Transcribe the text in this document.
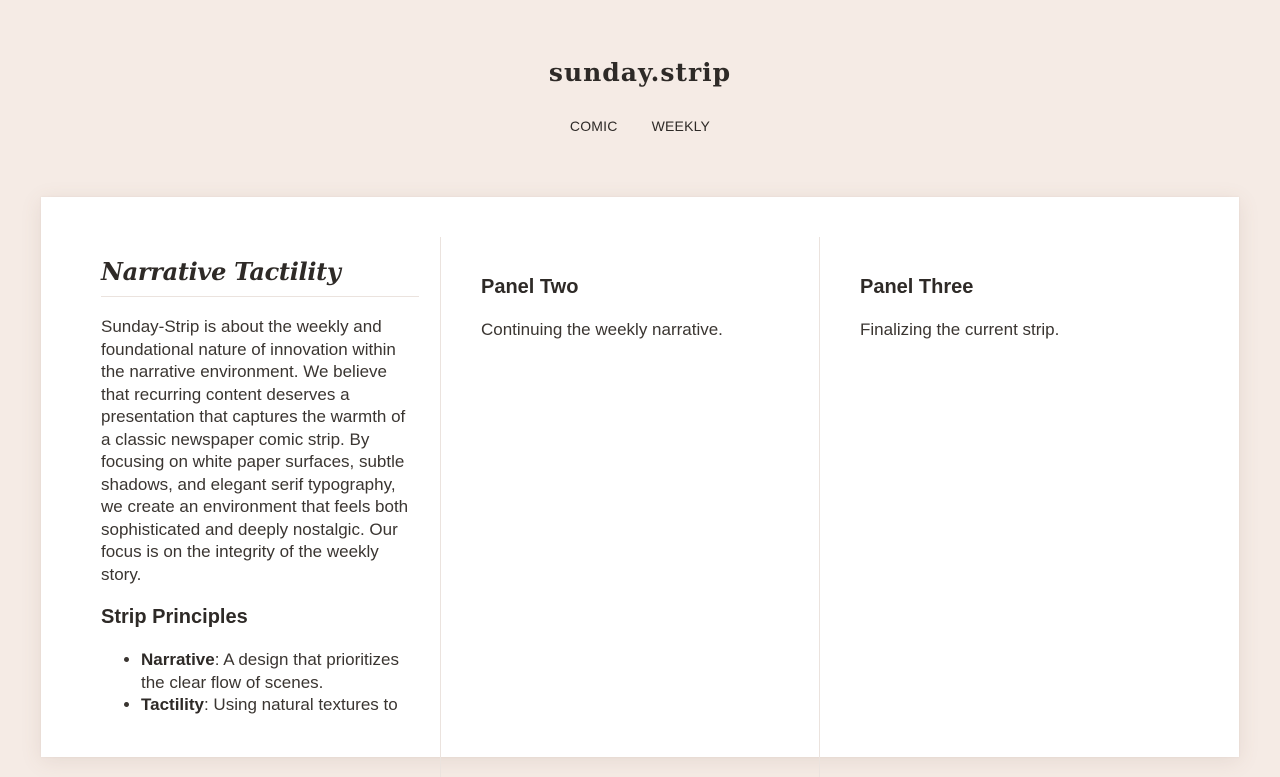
sunday.strip
COMIC WEEKLY
Narrative Tactility

Sunday-Strip is about the weekly and foundational nature of innovation within the narrative environment. We believe that recurring content deserves a presentation that captures the warmth of a classic newspaper comic strip. By focusing on white paper surfaces, subtle shadows, and elegant serif typography, we create an environment that feels both sophisticated and deeply nostalgic. Our focus is on the integrity of the weekly story.

Strip Principles
• Narrative: A design that prioritizes the clear flow of scenes.
• Tactility: Using natural textures to
Panel Two

Continuing the weekly narrative.

Panel Three

Finalizing the current strip.
